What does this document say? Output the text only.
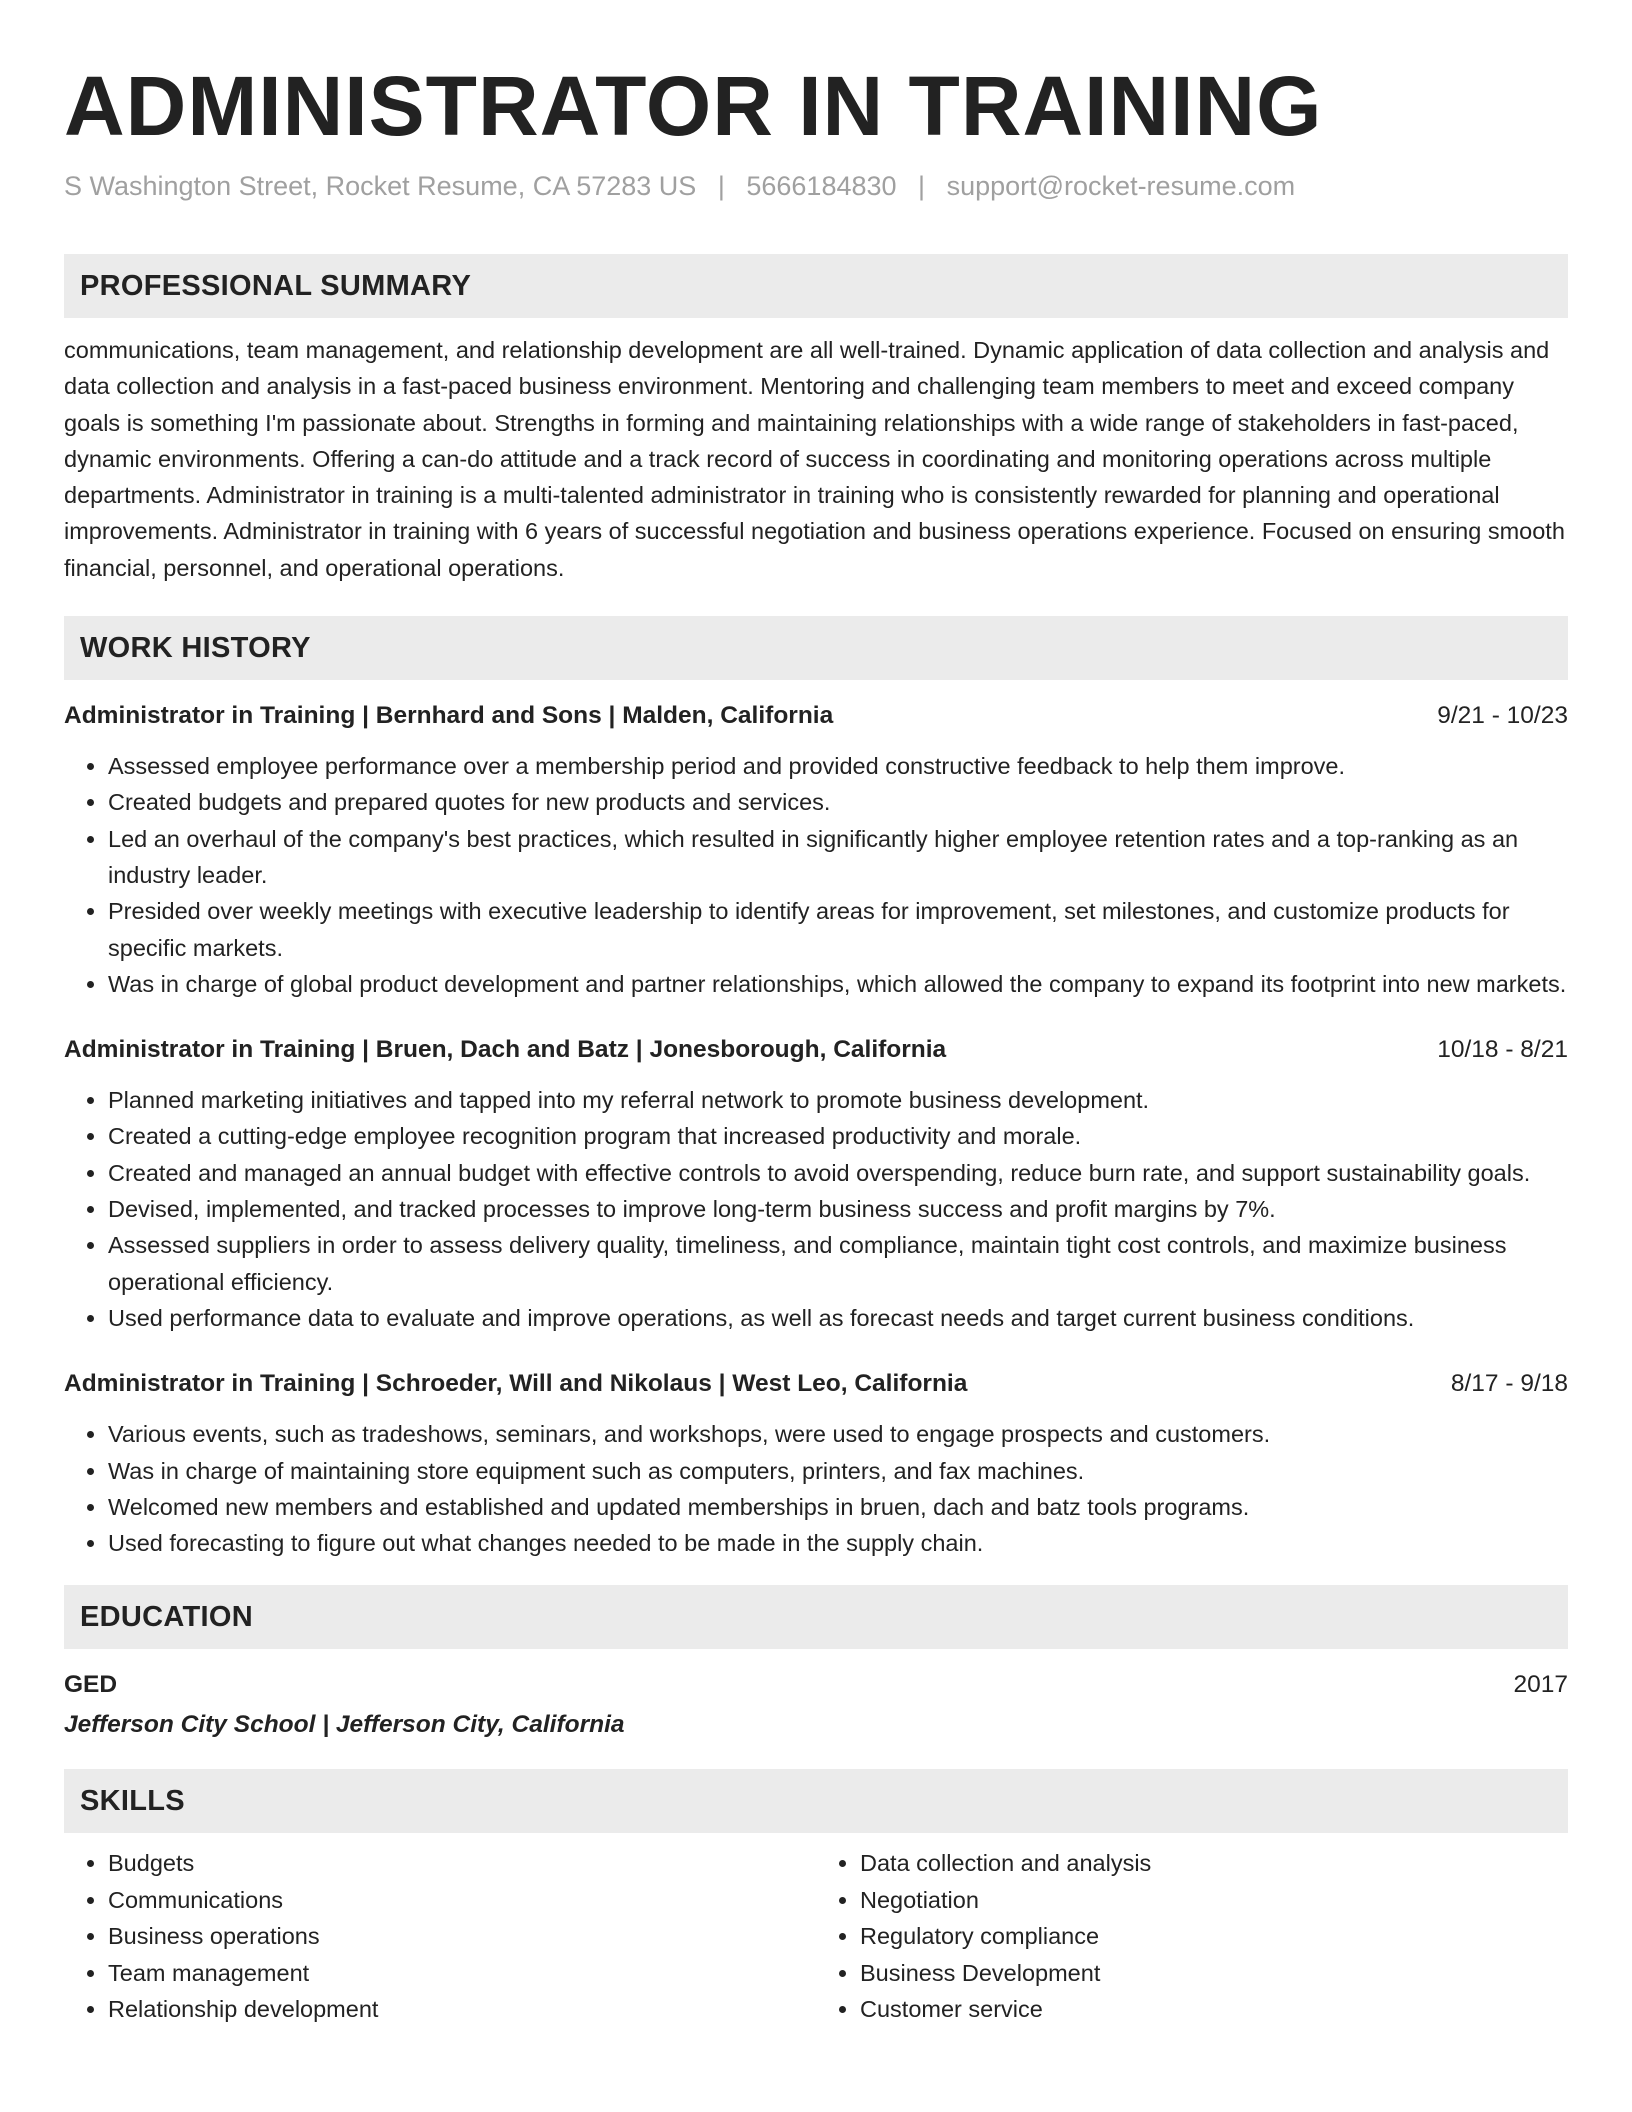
ADMINISTRATOR IN TRAINING
S Washington Street, Rocket Resume, CA 57283 US | 5666184830 | support@rocket-resume.com
PROFESSIONAL SUMMARY
communications, team management, and relationship development are all well-trained. Dynamic application of data collection and analysis and data collection and analysis in a fast-paced business environment. Mentoring and challenging team members to meet and exceed company goals is something I'm passionate about. Strengths in forming and maintaining relationships with a wide range of stakeholders in fast-paced, dynamic environments. Offering a can-do attitude and a track record of success in coordinating and monitoring operations across multiple departments. Administrator in training is a multi-talented administrator in training who is consistently rewarded for planning and operational improvements. Administrator in training with 6 years of successful negotiation and business operations experience. Focused on ensuring smooth financial, personnel, and operational operations.
WORK HISTORY
Administrator in Training | Bernhard and Sons | Malden, California	9/21 - 10/23
• Assessed employee performance over a membership period and provided constructive feedback to help them improve.
• Created budgets and prepared quotes for new products and services.
• Led an overhaul of the company's best practices, which resulted in significantly higher employee retention rates and a top-ranking as an industry leader.
• Presided over weekly meetings with executive leadership to identify areas for improvement, set milestones, and customize products for specific markets.
• Was in charge of global product development and partner relationships, which allowed the company to expand its footprint into new markets.
Administrator in Training | Bruen, Dach and Batz | Jonesborough, California	10/18 - 8/21
• Planned marketing initiatives and tapped into my referral network to promote business development.
• Created a cutting-edge employee recognition program that increased productivity and morale.
• Created and managed an annual budget with effective controls to avoid overspending, reduce burn rate, and support sustainability goals.
• Devised, implemented, and tracked processes to improve long-term business success and profit margins by 7%.
• Assessed suppliers in order to assess delivery quality, timeliness, and compliance, maintain tight cost controls, and maximize business operational efficiency.
• Used performance data to evaluate and improve operations, as well as forecast needs and target current business conditions.
Administrator in Training | Schroeder, Will and Nikolaus | West Leo, California	8/17 - 9/18
• Various events, such as tradeshows, seminars, and workshops, were used to engage prospects and customers.
• Was in charge of maintaining store equipment such as computers, printers, and fax machines.
• Welcomed new members and established and updated memberships in bruen, dach and batz tools programs.
• Used forecasting to figure out what changes needed to be made in the supply chain.
EDUCATION
GED	2017
Jefferson City School | Jefferson City, California
SKILLS
• Budgets
• Communications
• Business operations
• Team management
• Relationship development
• Data collection and analysis
• Negotiation
• Regulatory compliance
• Business Development
• Customer service
